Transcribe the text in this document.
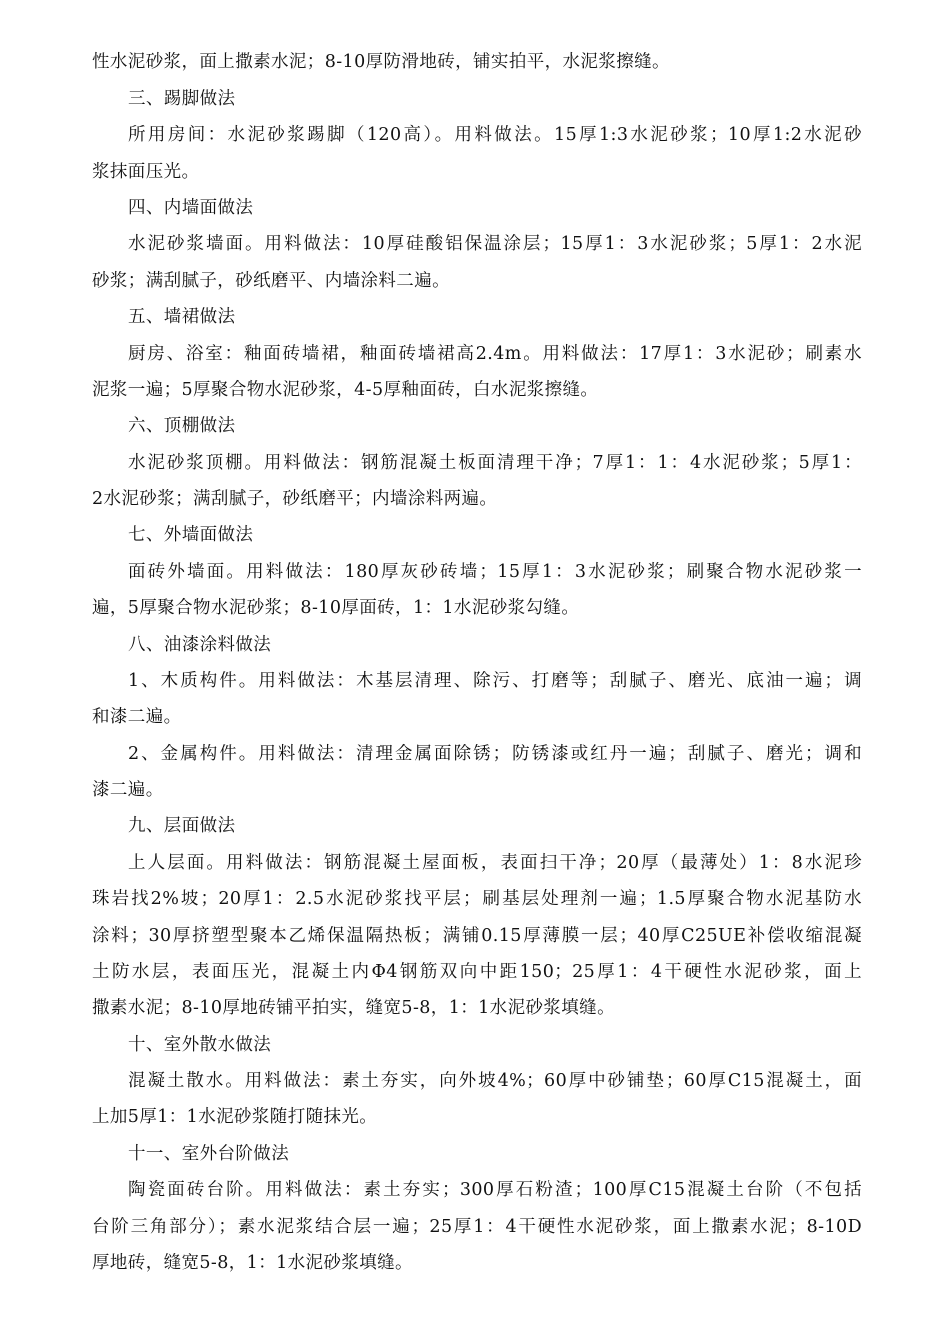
性水泥砂浆，面上撒素水泥；8-10厚防滑地砖，铺实拍平，水泥浆擦缝。
三、踢脚做法
所用房间：水泥砂浆踢脚（120高）。用料做法。15厚1:3水泥砂浆；10厚1:2水泥砂
浆抹面压光。
四、内墙面做法
水泥砂浆墙面。用料做法：10厚硅酸铝保温涂层；15厚1：3水泥砂浆；5厚1：2水泥
砂浆；满刮腻子，砂纸磨平、内墙涂料二遍。
五、墙裙做法
厨房、浴室：釉面砖墙裙，釉面砖墙裙高2.4m。用料做法：17厚1：3水泥砂；刷素水
泥浆一遍；5厚聚合物水泥砂浆，4-5厚釉面砖，白水泥浆擦缝。
六、顶棚做法
水泥砂浆顶棚。用料做法：钢筋混凝土板面清理干净；7厚1：1：4水泥砂浆；5厚1：
2水泥砂浆；满刮腻子，砂纸磨平；内墙涂料两遍。
七、外墙面做法
面砖外墙面。用料做法：180厚灰砂砖墙；15厚1：3水泥砂浆；刷聚合物水泥砂浆一
遍，5厚聚合物水泥砂浆；8-10厚面砖，1：1水泥砂浆勾缝。
八、油漆涂料做法
1、木质构件。用料做法：木基层清理、除污、打磨等；刮腻子、磨光、底油一遍；调
和漆二遍。
2、金属构件。用料做法：清理金属面除锈；防锈漆或红丹一遍；刮腻子、磨光；调和
漆二遍。
九、层面做法
上人层面。用料做法：钢筋混凝土屋面板，表面扫干净；20厚（最薄处）1：8水泥珍
珠岩找2%坡；20厚1：2.5水泥砂浆找平层；刷基层处理剂一遍；1.5厚聚合物水泥基防水
涂料；30厚挤塑型聚本乙烯保温隔热板；满铺0.15厚薄膜一层；40厚C25UE补偿收缩混凝
土防水层，表面压光，混凝土内Φ4钢筋双向中距150；25厚1：4干硬性水泥砂浆，面上
撒素水泥；8-10厚地砖铺平拍实，缝宽5-8，1：1水泥砂浆填缝。
十、室外散水做法
混凝土散水。用料做法：素土夯实，向外坡4%；60厚中砂铺垫；60厚C15混凝土，面
上加5厚1：1水泥砂浆随打随抹光。
十一、室外台阶做法
陶瓷面砖台阶。用料做法：素土夯实；300厚石粉渣；100厚C15混凝土台阶（不包括
台阶三角部分）；素水泥浆结合层一遍；25厚1：4干硬性水泥砂浆，面上撒素水泥；8-10D
厚地砖，缝宽5-8，1：1水泥砂浆填缝。
